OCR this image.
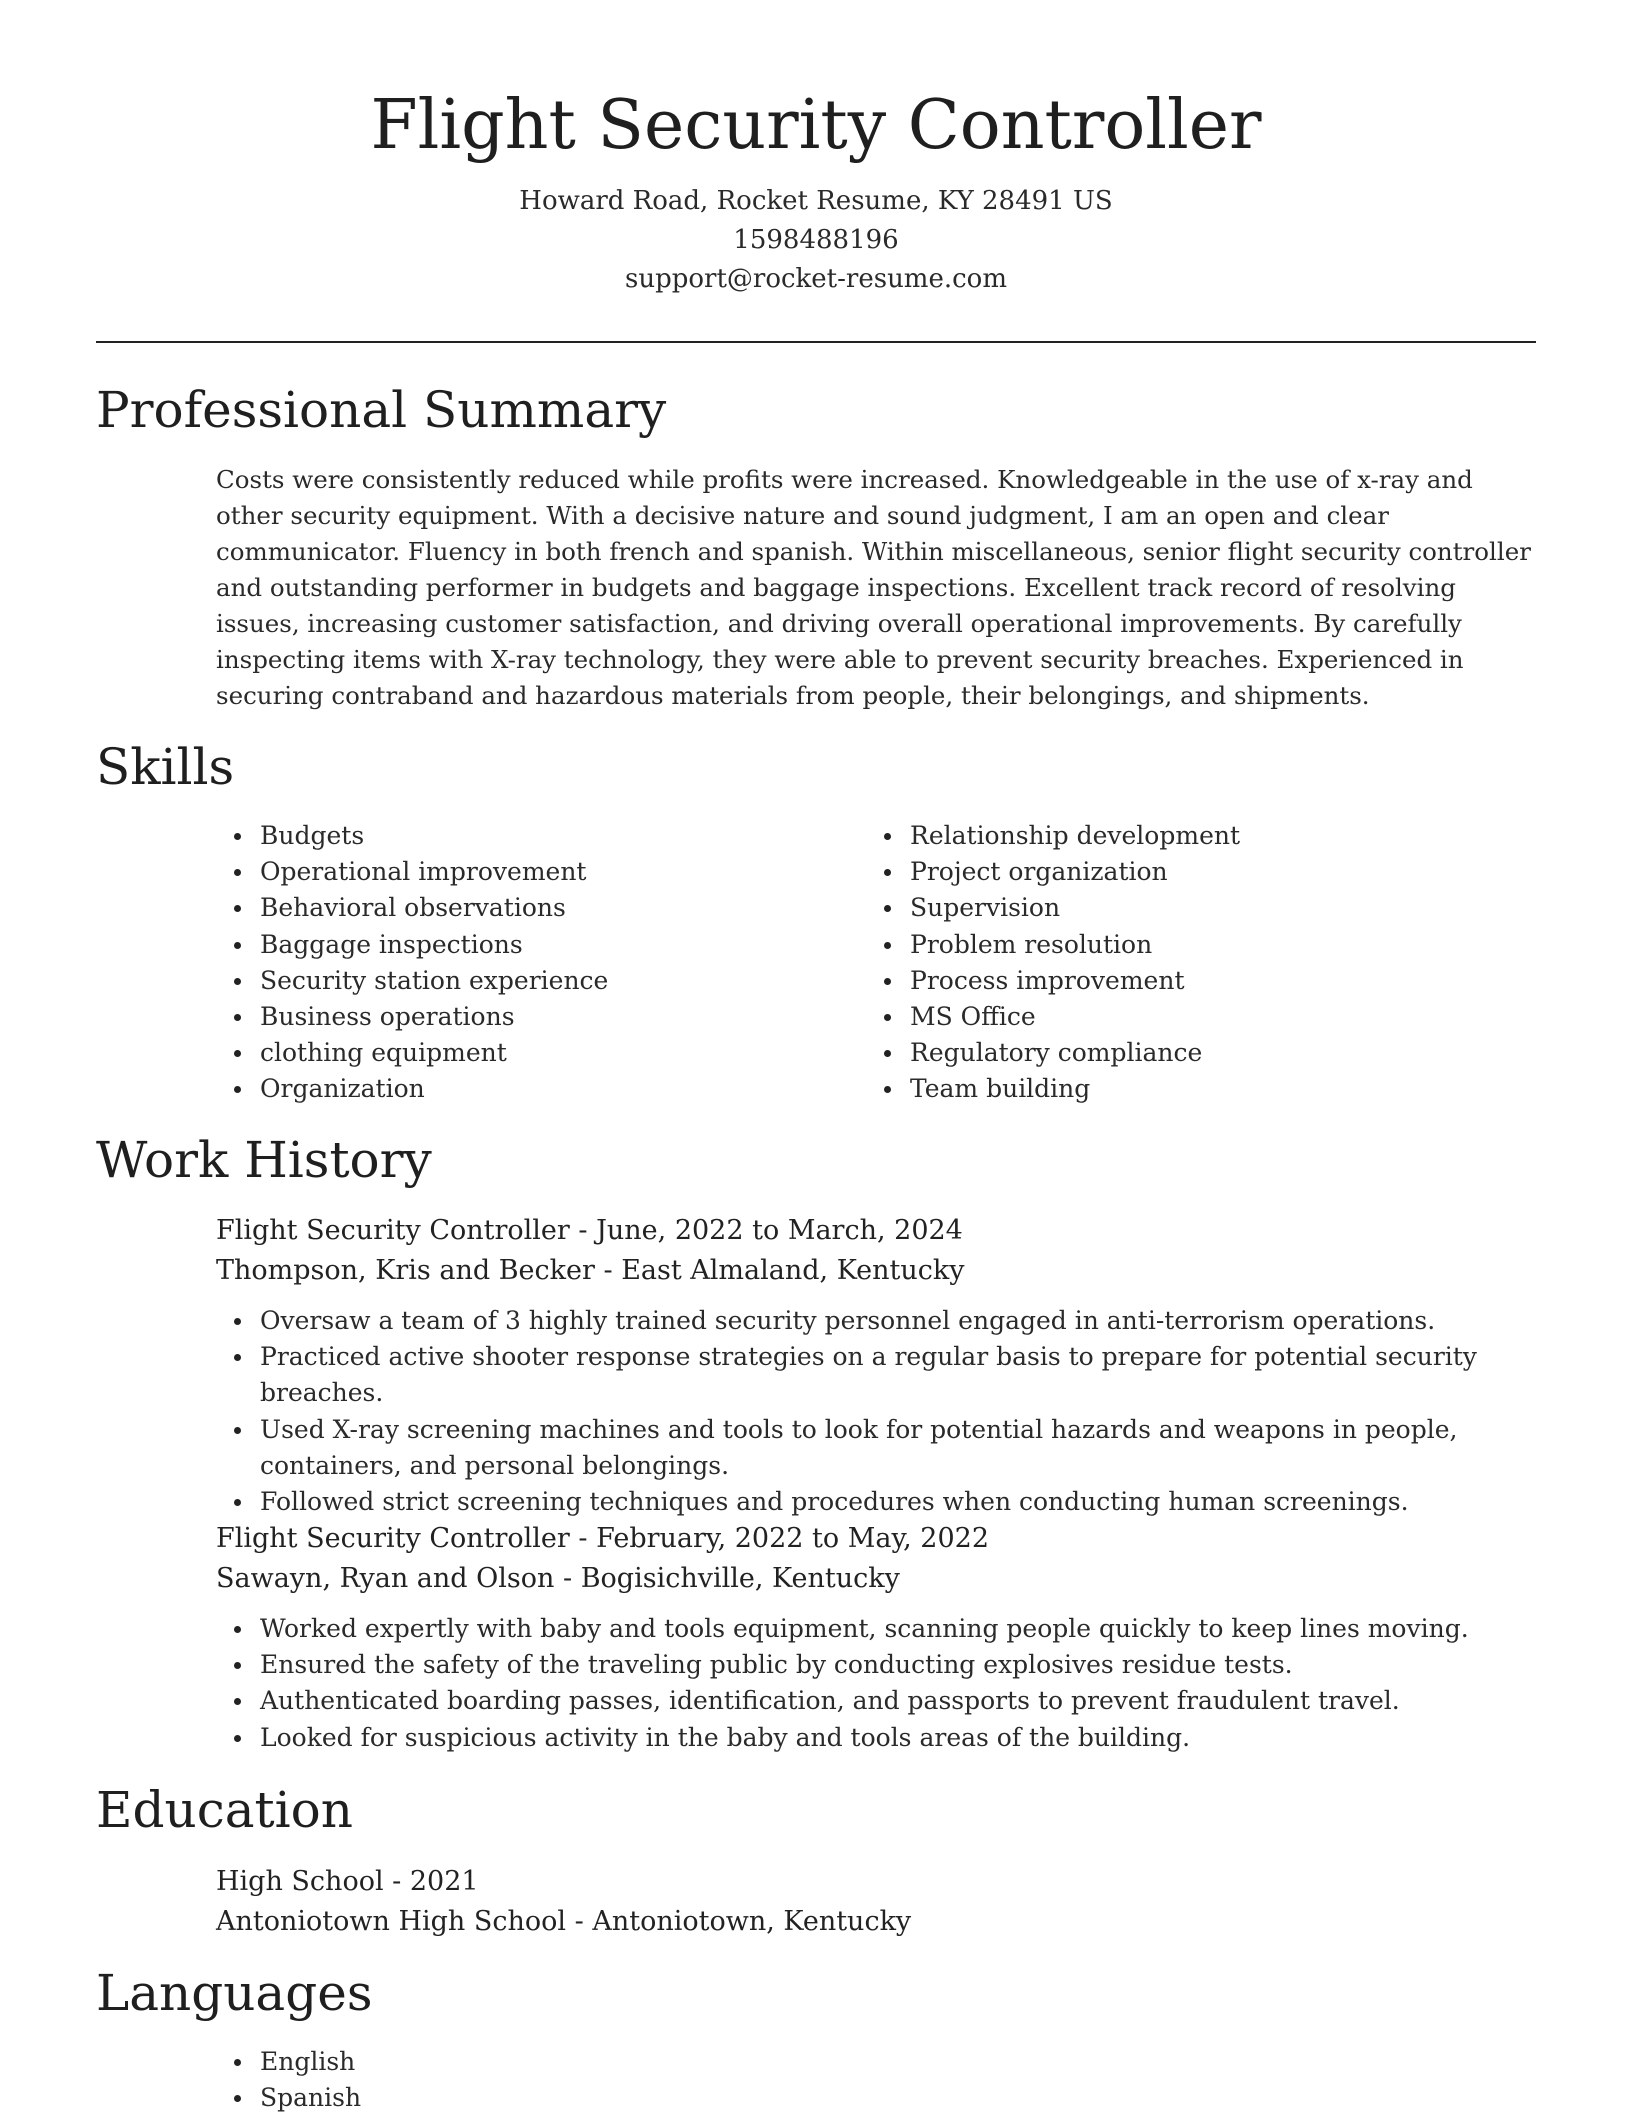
Flight Security Controller
Howard Road, Rocket Resume, KY 28491 US
1598488196
support@rocket-resume.com
Professional Summary
Costs were consistently reduced while profits were increased. Knowledgeable in the use of x-ray and other security equipment. With a decisive nature and sound judgment, I am an open and clear communicator. Fluency in both french and spanish. Within miscellaneous, senior flight security controller and outstanding performer in budgets and baggage inspections. Excellent track record of resolving issues, increasing customer satisfaction, and driving overall operational improvements. By carefully inspecting items with X-ray technology, they were able to prevent security breaches. Experienced in securing contraband and hazardous materials from people, their belongings, and shipments.
Skills
Budgets
Operational improvement
Behavioral observations
Baggage inspections
Security station experience
Business operations
clothing equipment
Organization
Relationship development
Project organization
Supervision
Problem resolution
Process improvement
MS Office
Regulatory compliance
Team building
Work History
Flight Security Controller - June, 2022 to March, 2024
Thompson, Kris and Becker - East Almaland, Kentucky
Oversaw a team of 3 highly trained security personnel engaged in anti-terrorism operations.
Practiced active shooter response strategies on a regular basis to prepare for potential security breaches.
Used X-ray screening machines and tools to look for potential hazards and weapons in people, containers, and personal belongings.
Followed strict screening techniques and procedures when conducting human screenings.
Flight Security Controller - February, 2022 to May, 2022
Sawayn, Ryan and Olson - Bogisichville, Kentucky
Worked expertly with baby and tools equipment, scanning people quickly to keep lines moving.
Ensured the safety of the traveling public by conducting explosives residue tests.
Authenticated boarding passes, identification, and passports to prevent fraudulent travel.
Looked for suspicious activity in the baby and tools areas of the building.
Education
High School - 2021
Antoniotown High School - Antoniotown, Kentucky
Languages
English
Spanish
